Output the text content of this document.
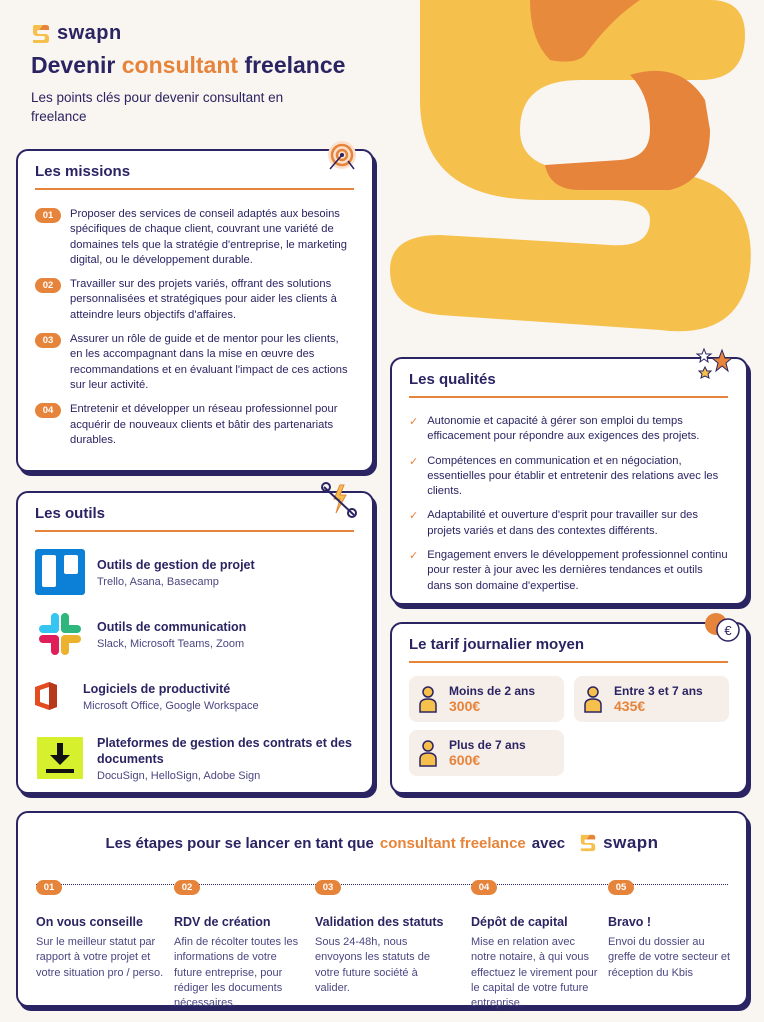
swapn
Devenir consultant freelance
Les points clés pour devenir consultant en freelance
Les missions
01	Proposer des services de conseil adaptés aux besoins spécifiques de chaque client, couvrant une variété de domaines tels que la stratégie d'entreprise, le marketing digital, ou le développement durable.
02	Travailler sur des projets variés, offrant des solutions personnalisées et stratégiques pour aider les clients à atteindre leurs objectifs d'affaires.
03	Assurer un rôle de guide et de mentor pour les clients, en les accompagnant dans la mise en œuvre des recommandations et en évaluant l'impact de ces actions sur leur activité.
04	Entretenir et développer un réseau professionnel pour acquérir de nouveaux clients et bâtir des partenariats durables.
Les outils
Outils de gestion de projet
Trello, Asana, Basecamp
Outils de communication
Slack, Microsoft Teams, Zoom
Logiciels de productivité
Microsoft Office, Google Workspace
Plateformes de gestion des contrats et des documents
DocuSign, HelloSign, Adobe Sign
Les qualités
✓ Autonomie et capacité à gérer son emploi du temps efficacement pour répondre aux exigences des projets.
✓ Compétences en communication et en négociation, essentielles pour établir et entretenir des relations avec les clients.
✓ Adaptabilité et ouverture d'esprit pour travailler sur des projets variés et dans des contextes différents.
✓ Engagement envers le développement professionnel continu pour rester à jour avec les dernières tendances et outils dans son domaine d'expertise.
€
Le tarif journalier moyen
Moins de 2 ans
300€
Entre 3 et 7 ans
435€
Plus de 7 ans
600€
Les étapes pour se lancer en tant que consultant freelance avec swapn
01
On vous conseille
Sur le meilleur statut par rapport à votre projet et votre situation pro / perso.
02
RDV de création
Afin de récolter toutes les informations de votre future entreprise, pour rédiger les documents nécessaires.
03
Validation des statuts
Sous 24-48h, nous envoyons les statuts de votre future société à valider.
04
Dépôt de capital
Mise en relation avec notre notaire, à qui vous effectuez le virement pour le capital de votre future entreprise.
05
Bravo !
Envoi du dossier au greffe de votre secteur et réception du Kbis
